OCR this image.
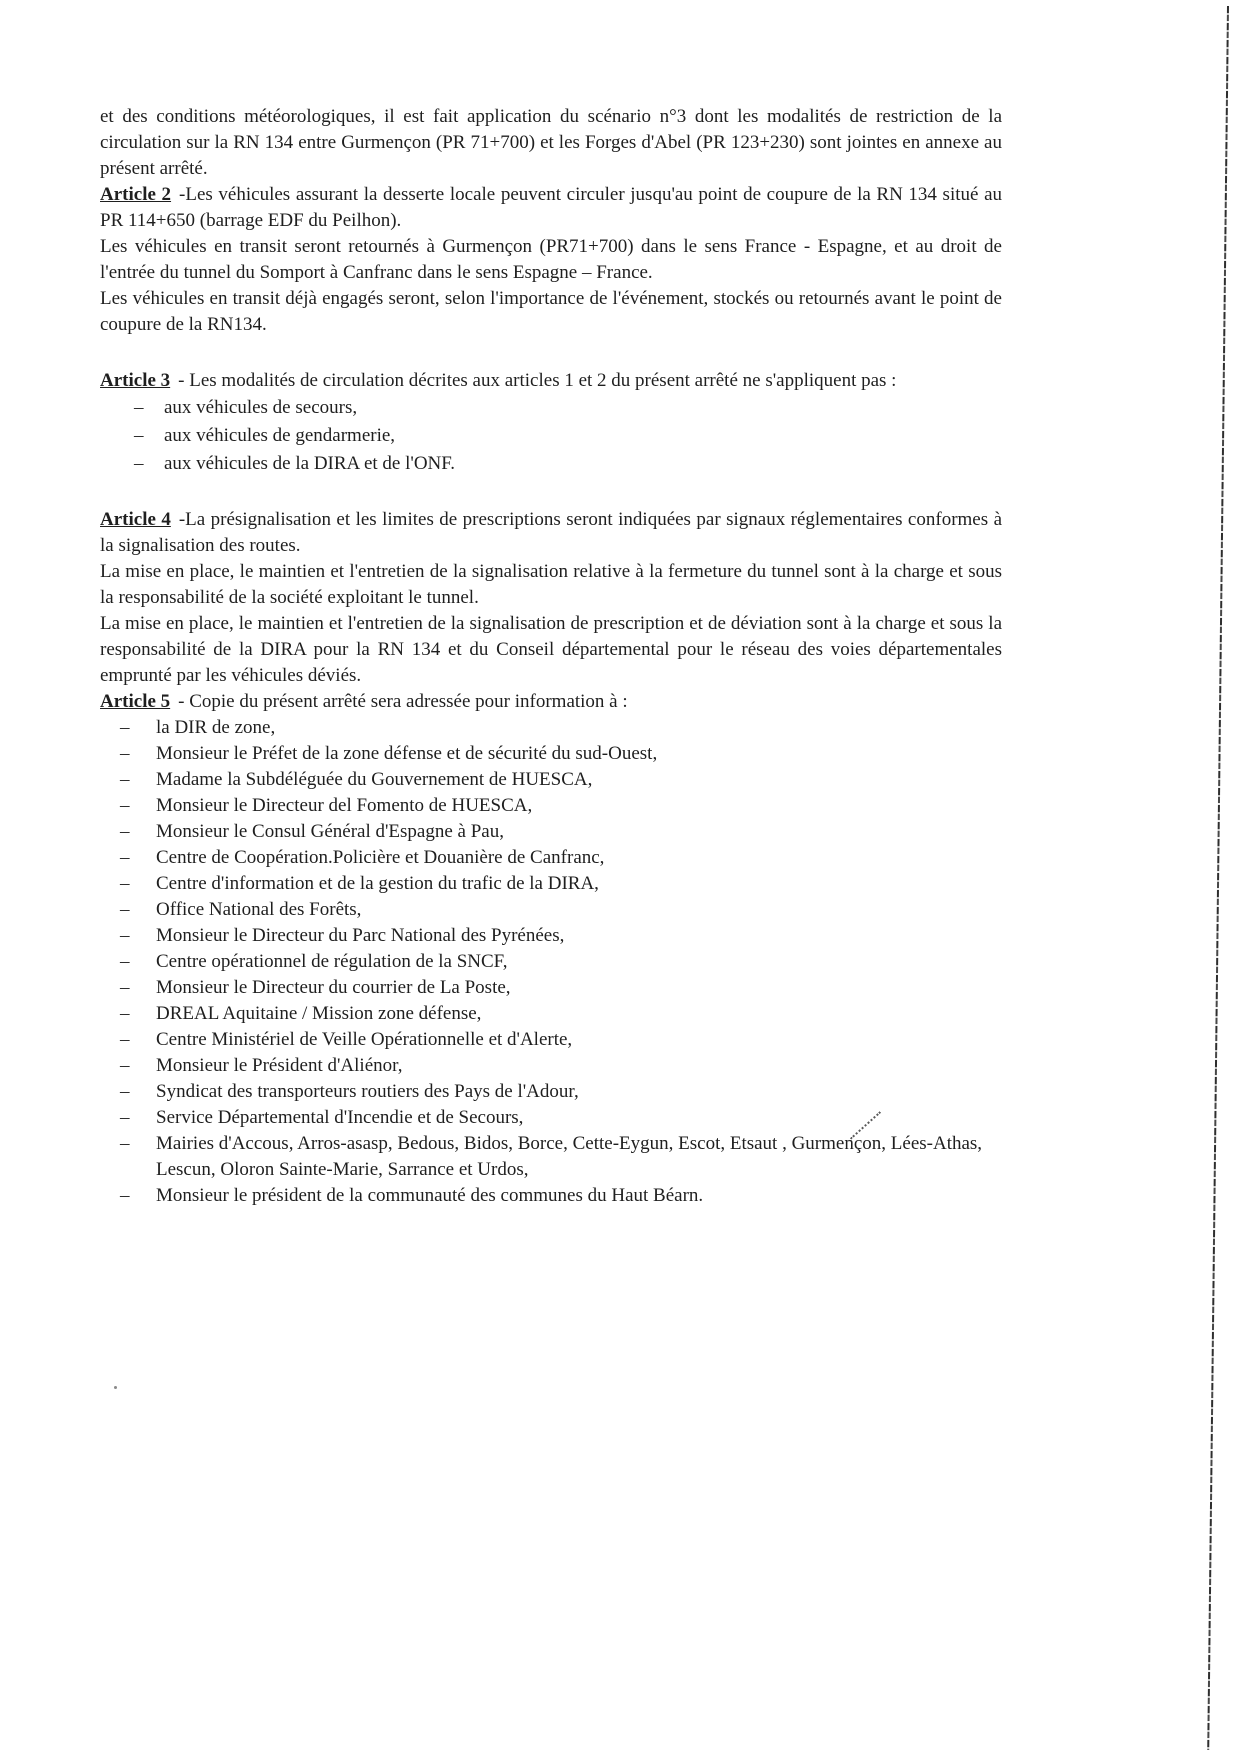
et des conditions météorologiques, il est fait application du scénario n°3 dont les modalités de restriction de la circulation sur la RN 134 entre Gurmençon (PR 71+700) et les Forges d'Abel (PR 123+230) sont jointes en annexe au présent arrêté.

Article 2 -Les véhicules assurant la desserte locale peuvent circuler jusqu'au point de coupure de la RN 134 situé au PR 114+650 (barrage EDF du Peilhon).

Les véhicules en transit seront retournés à Gurmençon (PR71+700) dans le sens France - Espagne, et au droit de l'entrée du tunnel du Somport à Canfranc dans le sens Espagne – France.

Les véhicules en transit déjà engagés seront, selon l'importance de l'événement, stockés ou retournés avant le point de coupure de la RN134.

Article 3 - Les modalités de circulation décrites aux articles 1 et 2 du présent arrêté ne s'appliquent pas :

–	aux véhicules de secours,
–	aux véhicules de gendarmerie,
–	aux véhicules de la DIRA et de l'ONF.

Article 4 -La présignalisation et les limites de prescriptions seront indiquées par signaux réglementaires conformes à la signalisation des routes.

La mise en place, le maintien et l'entretien de la signalisation relative à la fermeture du tunnel sont à la charge et sous la responsabilité de la société exploitant le tunnel.

La mise en place, le maintien et l'entretien de la signalisation de prescription et de déviation sont à la charge et sous la responsabilité de la DIRA pour la RN 134 et du Conseil départemental pour le réseau des voies départementales emprunté par les véhicules déviés.

Article 5 - Copie du présent arrêté sera adressée pour information à :

–	la DIR de zone,
–	Monsieur le Préfet de la zone défense et de sécurité du sud-Ouest,
–	Madame la Subdéléguée du Gouvernement de HUESCA,
–	Monsieur le Directeur del Fomento de HUESCA,
–	Monsieur le Consul Général d'Espagne à Pau,
–	Centre de Coopération.Policière et Douanière de Canfranc,
–	Centre d'information et de la gestion du trafic de la DIRA,
–	Office National des Forêts,
–	Monsieur le Directeur du Parc National des Pyrénées,
–	Centre opérationnel de régulation de la SNCF,
–	Monsieur le Directeur du courrier de La Poste,
–	DREAL Aquitaine / Mission zone défense,
–	Centre Ministériel de Veille Opérationnelle et d'Alerte,
–	Monsieur le Président d'Aliénor,
–	Syndicat des transporteurs routiers des Pays de l'Adour,
–	Service Départemental d'Incendie et de Secours,
–	Mairies d'Accous, Arros-asasp, Bedous, Bidos, Borce, Cette-Eygun, Escot, Etsaut , Gurmençon, Lées-Athas, Lescun, Oloron Sainte-Marie, Sarrance et Urdos,
–	Monsieur le président de la communauté des communes du Haut Béarn.
